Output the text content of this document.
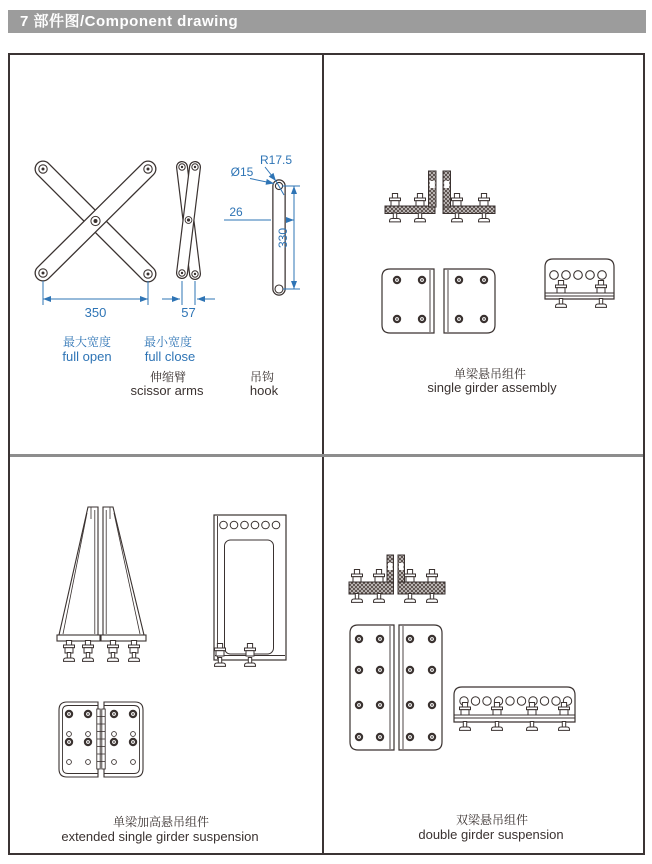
7 部件图/Component drawing
350	57
Ø15
R17.5
26
330
最大宽度
full open
最小宽度
full close
伸缩臂
scissor arms
吊钩
hook
单梁悬吊组件
single girder assembly
单梁加高悬吊组件
extended single girder suspension
双梁悬吊组件
double girder suspension
